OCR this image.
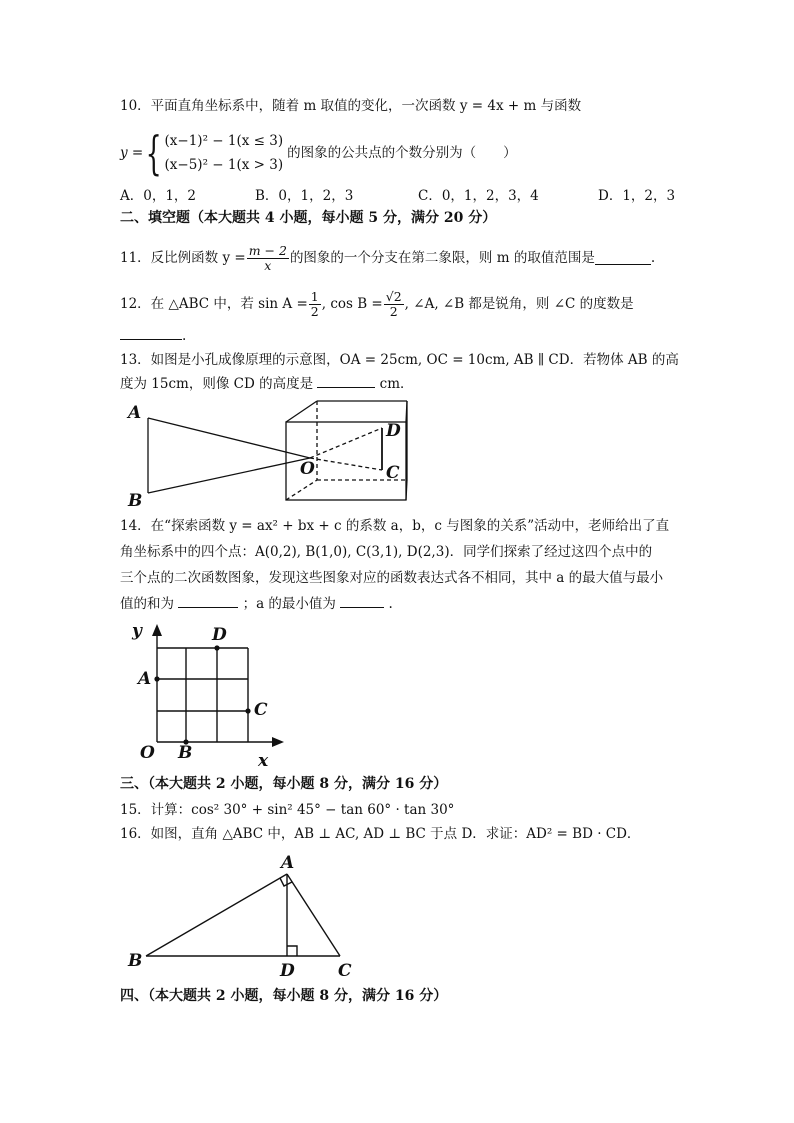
10．平面直角坐标系中，随着 m 取值的变化，一次函数 y = 4x + m 与函数
y = { (x−1)² − 1(x ≤ 3)
(x−5)² − 1(x > 3)
的图象的公共点的个数分别为（　　）
A．0，1，2	B．0，1，2，3	C．0，1，2，3，4	D．1，2，3
二、填空题（本大题共 4 小题，每小题 5 分，满分 20 分）
11．反比例函数 $y = \frac{m - 2}{x}$ 的图象的一个分支在第二象限，则 m 的取值范围是	.
12．在 △ABC 中，若 $\sin A = \frac{1}{2}$ , $\cos B = \frac{√2}{2}$ , ∠A, ∠B 都是锐角，则 ∠C 的度数是
.
13．如图是小孔成像原理的示意图，OA = 25cm, OC = 10cm, AB ∥ CD．若物体 AB 的高
度为 15cm，则像 CD 的高度是	cm．
A
B
O
D
C
14．在“探索函数 y = ax² + bx + c 的系数 a，b，c 与图象的关系”活动中，老师给出了直
角坐标系中的四个点：A(0,2), B(1,0), C(3,1), D(2,3)．同学们探索了经过这四个点中的
三个点的二次函数图象，发现这些图象对应的函数表达式各不相同，其中 a 的最大值与最小
值的和为	；a 的最小值为	.
y
x
O
A
B
C
D
三、（本大题共 2 小题，每小题 8 分，满分 16 分）
15．计算：cos² 30° + sin² 45° − tan 60° · tan 30°
16．如图，直角 △ABC 中，AB ⊥ AC, AD ⊥ BC 于点 D．求证：AD² = BD · CD．
A
B	D	C
四、（本大题共 2 小题，每小题 8 分，满分 16 分）
